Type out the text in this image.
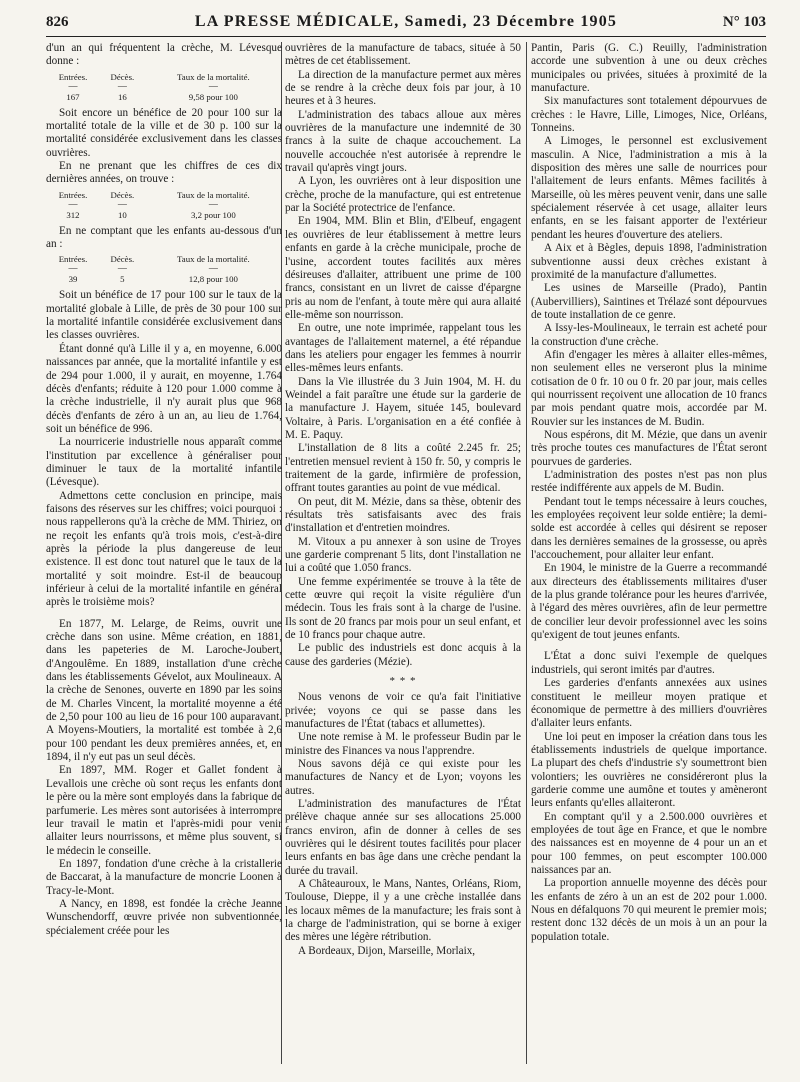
826	LA PRESSE MÉDICALE, Samedi, 23 Décembre 1905	N° 103

d'un an qui fréquentent la crèche, M. Lévesque donne :

Entrées.	Décès.	Taux de la mortalité.
—	—	—
167	16	9,58 pour 100

Soit encore un bénéfice de 20 pour 100 sur la mortalité totale de la ville et de 30 p. 100 sur la mortalité considérée exclusivement dans les classes ouvrières.

En ne prenant que les chiffres de ces dix dernières années, on trouve :

Entrées.	Décès.	Taux de la mortalité.
—	—	—
312	10	3,2 pour 100

En ne comptant que les enfants au-dessous d'un an :

Entrées.	Décès.	Taux de la mortalité.
—	—	—
39	5	12,8 pour 100

Soit un bénéfice de 17 pour 100 sur le taux de la mortalité globale à Lille, de près de 30 pour 100 sur la mortalité infantile considérée exclusivement dans les classes ouvrières.

Étant donné qu'à Lille il y a, en moyenne, 6.000 naissances par année, que la mortalité infantile y est de 294 pour 1.000, il y aurait, en moyenne, 1.764 décès d'enfants; réduite à 120 pour 1.000 comme à la crèche industrielle, il n'y aurait plus que 968 décès d'enfants de zéro à un an, au lieu de 1.764, soit un bénéfice de 996.

La nourricerie industrielle nous apparaît comme l'institution par excellence à généraliser pour diminuer le taux de la mortalité infantile (Lévesque).

Admettons cette conclusion en principe, mais faisons des réserves sur les chiffres; voici pourquoi : nous rappellerons qu'à la crèche de MM. Thiriez, on ne reçoit les enfants qu'à trois mois, c'est-à-dire après la période la plus dangereuse de leur existence. Il est donc tout naturel que le taux de la mortalité y soit moindre. Est-il de beaucoup inférieur à celui de la mortalité infantile en général après le troisième mois?

En 1877, M. Lelarge, de Reims, ouvrit une crèche dans son usine. Même création, en 1881, dans les papeteries de M. Laroche-Joubert, d'Angoulême. En 1889, installation d'une crèche dans les établissements Gévelot, aux Moulineaux. A la crèche de Senones, ouverte en 1890 par les soins de M. Charles Vincent, la mortalité moyenne a été de 2,50 pour 100 au lieu de 16 pour 100 auparavant. A Moyens-Moutiers, la mortalité est tombée à 2,6 pour 100 pendant les deux premières années, et, en 1894, il n'y eut pas un seul décès.

En 1897, MM. Roger et Gallet fondent à Levallois une crèche où sont reçus les enfants dont le père ou la mère sont employés dans la fabrique de parfumerie. Les mères sont autorisées à interrompre leur travail le matin et l'après-midi pour venir allaiter leurs nourrissons, et même plus souvent, si le médecin le conseille.

En 1897, fondation d'une crèche à la cristallerie de Baccarat, à la manufacture de moncrie Loonen à Tracy-le-Mont.

A Nancy, en 1898, est fondée la crèche Jeanne Wunschendorff, œuvre privée non subventionnée, spécialement créée pour les

ouvrières de la manufacture de tabacs, située à 50 mètres de cet établissement.

La direction de la manufacture permet aux mères de se rendre à la crèche deux fois par jour, à 10 heures et à 3 heures.

L'administration des tabacs alloue aux mères ouvrières de la manufacture une indemnité de 30 francs à la suite de chaque accouchement. La nouvelle accouchée n'est autorisée à reprendre le travail qu'après vingt jours.

A Lyon, les ouvrières ont à leur disposition une crèche, proche de la manufacture, qui est entretenue par la Société protectrice de l'enfance.

En 1904, MM. Blin et Blin, d'Elbeuf, engagent les ouvrières de leur établissement à mettre leurs enfants en garde à la crèche municipale, proche de l'usine, accordent toutes facilités aux mères désireuses d'allaiter, attribuent une prime de 100 francs, consistant en un livret de caisse d'épargne pris au nom de l'enfant, à toute mère qui aura allaité elle-même son nourrisson.

En outre, une note imprimée, rappelant tous les avantages de l'allaitement maternel, a été répandue dans les ateliers pour engager les femmes à nourrir elles-mêmes leurs enfants.

Dans la Vie illustrée du 3 Juin 1904, M. H. du Weindel a fait paraître une étude sur la garderie de la manufacture J. Hayem, située 145, boulevard Voltaire, à Paris. L'organisation en a été confiée à M. E. Paquy.

L'installation de 8 lits a coûté 2.245 fr. 25; l'entretien mensuel revient à 150 fr. 50, y compris le traitement de la garde, infirmière de profession, offrant toutes garanties au point de vue médical.

On peut, dit M. Mézie, dans sa thèse, obtenir des résultats très satisfaisants avec des frais d'installation et d'entretien moindres.

M. Vitoux a pu annexer à son usine de Troyes une garderie comprenant 5 lits, dont l'installation ne lui a coûté que 1.050 francs.

Une femme expérimentée se trouve à la tête de cette œuvre qui reçoit la visite régulière d'un médecin. Tous les frais sont à la charge de l'usine. Ils sont de 20 francs par mois pour un seul enfant, et de 10 francs pour chaque autre.

Le public des industriels est donc acquis à la cause des garderies (Mézie).

* * *

Nous venons de voir ce qu'a fait l'initiative privée; voyons ce qui se passe dans les manufactures de l'État (tabacs et allumettes).

Une note remise à M. le professeur Budin par le ministre des Finances va nous l'apprendre.

Nous savons déjà ce qui existe pour les manufactures de Nancy et de Lyon; voyons les autres.

L'administration des manufactures de l'État prélève chaque année sur ses allocations 25.000 francs environ, afin de donner à celles de ses ouvrières qui le désirent toutes facilités pour placer leurs enfants en bas âge dans une crèche pendant la durée du travail.

A Châteauroux, le Mans, Nantes, Orléans, Riom, Toulouse, Dieppe, il y a une crèche installée dans les locaux mêmes de la manufacture; les frais sont à la charge de l'administration, qui se borne à exiger des mères une légère rétribution.

A Bordeaux, Dijon, Marseille, Morlaix,

Pantin, Paris (G. C.) Reuilly, l'administration accorde une subvention à une ou deux crèches municipales ou privées, situées à proximité de la manufacture.

Six manufactures sont totalement dépourvues de crèches : le Havre, Lille, Limoges, Nice, Orléans, Tonneins.

A Limoges, le personnel est exclusivement masculin. A Nice, l'administration a mis à la disposition des mères une salle de nourrices pour l'allaitement de leurs enfants. Mêmes facilités à Marseille, où les mères peuvent venir, dans une salle spécialement réservée à cet usage, allaiter leurs enfants, en se les faisant apporter de l'extérieur pendant les heures d'ouverture des ateliers.

A Aix et à Bègles, depuis 1898, l'administration subventionne aussi deux crèches existant à proximité de la manufacture d'allumettes.

Les usines de Marseille (Prado), Pantin (Aubervilliers), Saintines et Trélazé sont dépourvues de toute installation de ce genre.

A Issy-les-Moulineaux, le terrain est acheté pour la construction d'une crèche.

Afin d'engager les mères à allaiter elles-mêmes, non seulement elles ne verseront plus la minime cotisation de 0 fr. 10 ou 0 fr. 20 par jour, mais celles qui nourrissent reçoivent une allocation de 10 francs par mois pendant quatre mois, accordée par M. Rouvier sur les instances de M. Budin.

Nous espérons, dit M. Mézie, que dans un avenir très proche toutes ces manufactures de l'État seront pourvues de garderies.

L'administration des postes n'est pas non plus restée indifférente aux appels de M. Budin.

Pendant tout le temps nécessaire à leurs couches, les employées reçoivent leur solde entière; la demi-solde est accordée à celles qui désirent se reposer dans les dernières semaines de la grossesse, ou après l'accouchement, pour allaiter leur enfant.

En 1904, le ministre de la Guerre a recommandé aux directeurs des établissements militaires d'user de la plus grande tolérance pour les heures d'arrivée, à l'égard des mères ouvrières, afin de leur permettre de concilier leur devoir professionnel avec les soins qu'exigent de tout jeunes enfants.

L'État a donc suivi l'exemple de quelques industriels, qui seront imités par d'autres.

Les garderies d'enfants annexées aux usines constituent le meilleur moyen pratique et économique de permettre à des milliers d'ouvrières d'allaiter leurs enfants.

Une loi peut en imposer la création dans tous les établissements industriels de quelque importance. La plupart des chefs d'industrie s'y soumettront bien volontiers; les ouvrières ne considéreront plus la garderie comme une aumône et toutes y amèneront leurs enfants qu'elles allaiteront.

En comptant qu'il y a 2.500.000 ouvrières et employées de tout âge en France, et que le nombre des naissances est en moyenne de 4 pour un an et pour 100 femmes, on peut escompter 100.000 naissances par an.

La proportion annuelle moyenne des décès pour les enfants de zéro à un an est de 202 pour 1.000. Nous en défalquons 70 qui meurent le premier mois; restent donc 132 décès de un mois à un an pour la population totale.
